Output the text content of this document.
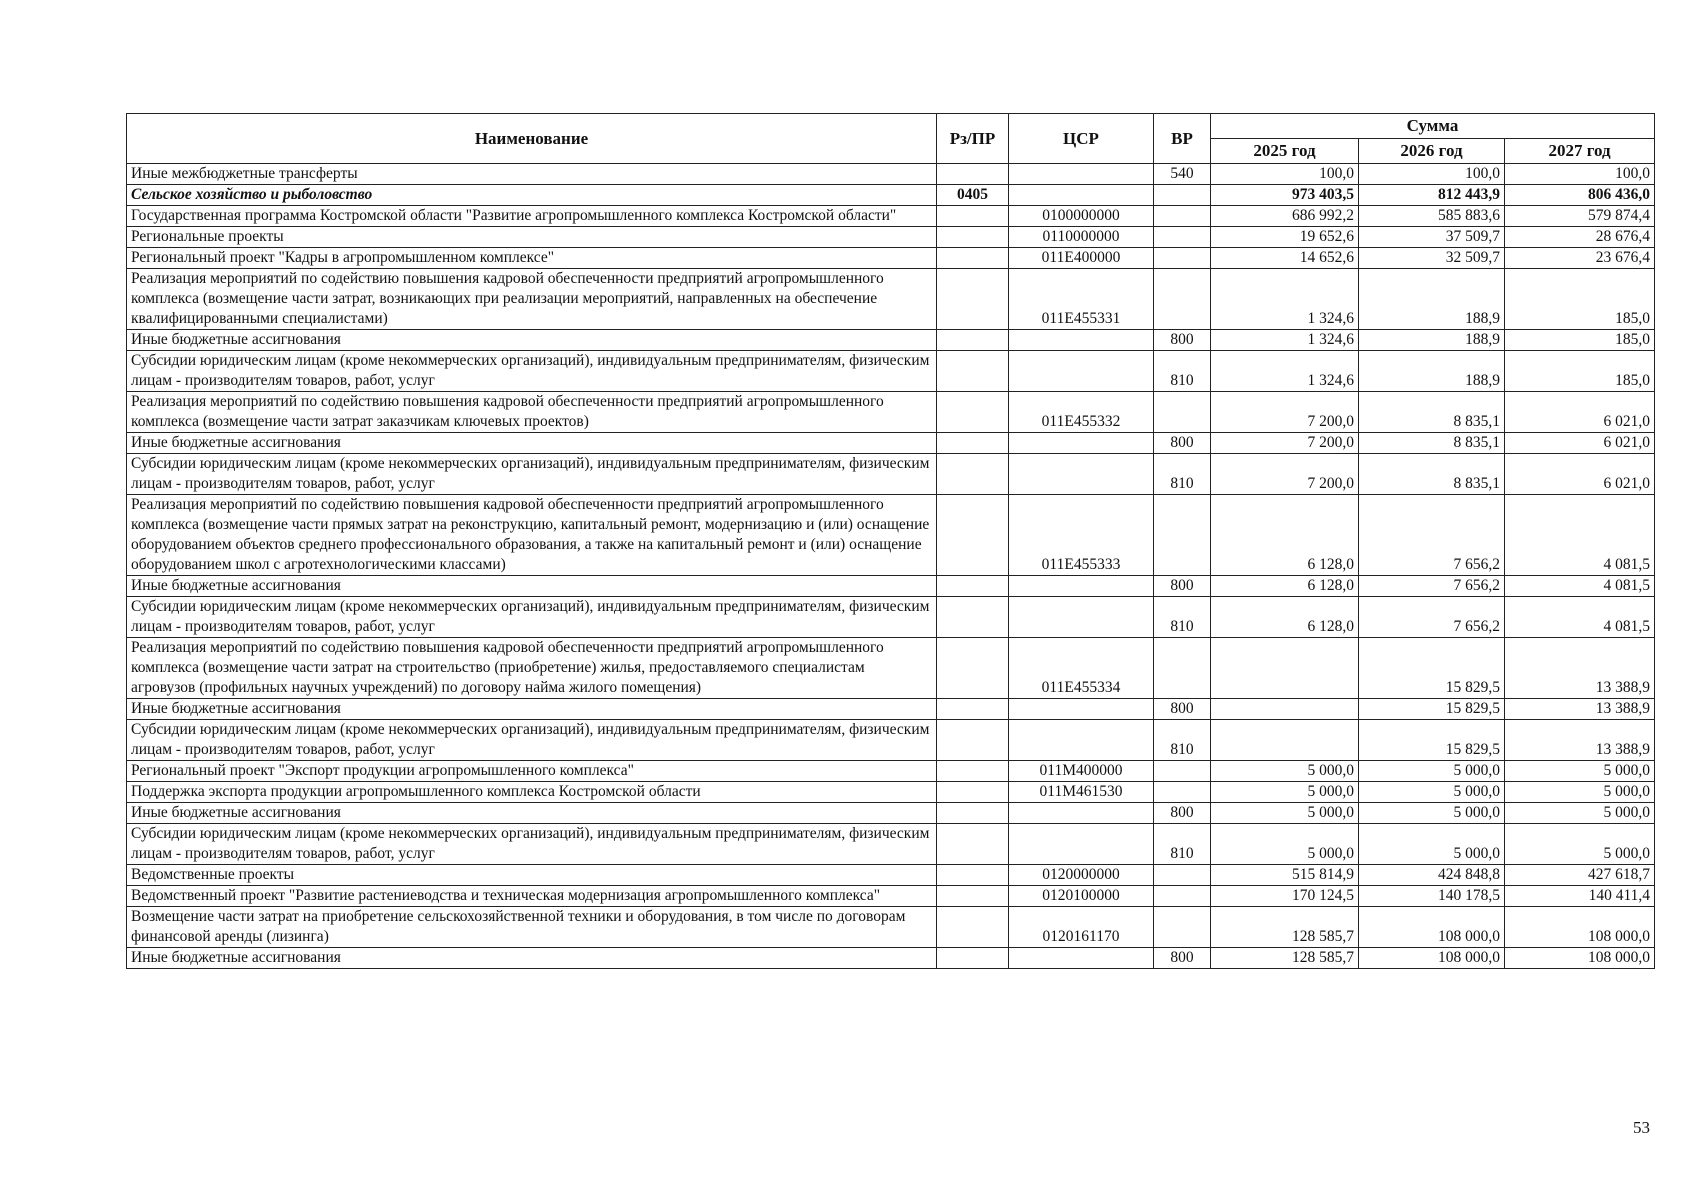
Наименование	Рз/ПР	ЦСР	ВР	Сумма		
				2025 год	2026 год	2027 год
Иные межбюджетные трансферты			540	100,0	100,0	100,0
Сельское хозяйство и рыболовство	0405			973 403,5	812 443,9	806 436,0
Государственная программа Костромской области "Развитие агропромышленного комплекса Костромской области"		0100000000		686 992,2	585 883,6	579 874,4
Региональные проекты		0110000000		19 652,6	37 509,7	28 676,4
Региональный проект "Кадры в агропромышленном комплексе"		011Е400000		14 652,6	32 509,7	23 676,4
Реализация мероприятий по содействию повышения кадровой обеспеченности предприятий агропромышленного комплекса (возмещение части затрат, возникающих при реализации мероприятий, направленных на обеспечение квалифицированными специалистами)		011Е455331		1 324,6	188,9	185,0
Иные бюджетные ассигнования			800	1 324,6	188,9	185,0
Субсидии юридическим лицам (кроме некоммерческих организаций), индивидуальным предпринимателям, физическим лицам - производителям товаров, работ, услуг			810	1 324,6	188,9	185,0
Реализация мероприятий по содействию повышения кадровой обеспеченности предприятий агропромышленного комплекса (возмещение части затрат заказчикам ключевых проектов)		011Е455332		7 200,0	8 835,1	6 021,0
Иные бюджетные ассигнования			800	7 200,0	8 835,1	6 021,0
Субсидии юридическим лицам (кроме некоммерческих организаций), индивидуальным предпринимателям, физическим лицам - производителям товаров, работ, услуг			810	7 200,0	8 835,1	6 021,0
Реализация мероприятий по содействию повышения кадровой обеспеченности предприятий агропромышленного комплекса (возмещение части прямых затрат на реконструкцию, капитальный ремонт, модернизацию и (или) оснащение оборудованием объектов среднего профессионального образования, а также на капитальный ремонт и (или) оснащение оборудованием школ с агротехнологическими классами)		011Е455333		6 128,0	7 656,2	4 081,5
Иные бюджетные ассигнования			800	6 128,0	7 656,2	4 081,5
Субсидии юридическим лицам (кроме некоммерческих организаций), индивидуальным предпринимателям, физическим лицам - производителям товаров, работ, услуг			810	6 128,0	7 656,2	4 081,5
Реализация мероприятий по содействию повышения кадровой обеспеченности предприятий агропромышленного комплекса (возмещение части затрат на строительство (приобретение) жилья, предоставляемого специалистам агровузов (профильных научных учреждений) по договору найма жилого помещения)		011Е455334			15 829,5	13 388,9
Иные бюджетные ассигнования			800		15 829,5	13 388,9
Субсидии юридическим лицам (кроме некоммерческих организаций), индивидуальным предпринимателям, физическим лицам - производителям товаров, работ, услуг			810		15 829,5	13 388,9
Региональный проект "Экспорт продукции агропромышленного комплекса"		011М400000		5 000,0	5 000,0	5 000,0
Поддержка экспорта продукции агропромышленного комплекса Костромской области		011М461530		5 000,0	5 000,0	5 000,0
Иные бюджетные ассигнования			800	5 000,0	5 000,0	5 000,0
Субсидии юридическим лицам (кроме некоммерческих организаций), индивидуальным предпринимателям, физическим лицам - производителям товаров, работ, услуг			810	5 000,0	5 000,0	5 000,0
Ведомственные проекты		0120000000		515 814,9	424 848,8	427 618,7
Ведомственный проект "Развитие растениеводства и техническая модернизация агропромышленного комплекса"		0120100000		170 124,5	140 178,5	140 411,4
Возмещение части затрат на приобретение сельскохозяйственной техники и оборудования, в том числе по договорам финансовой аренды (лизинга)		0120161170		128 585,7	108 000,0	108 000,0
Иные бюджетные ассигнования			800	128 585,7	108 000,0	108 000,0
53
